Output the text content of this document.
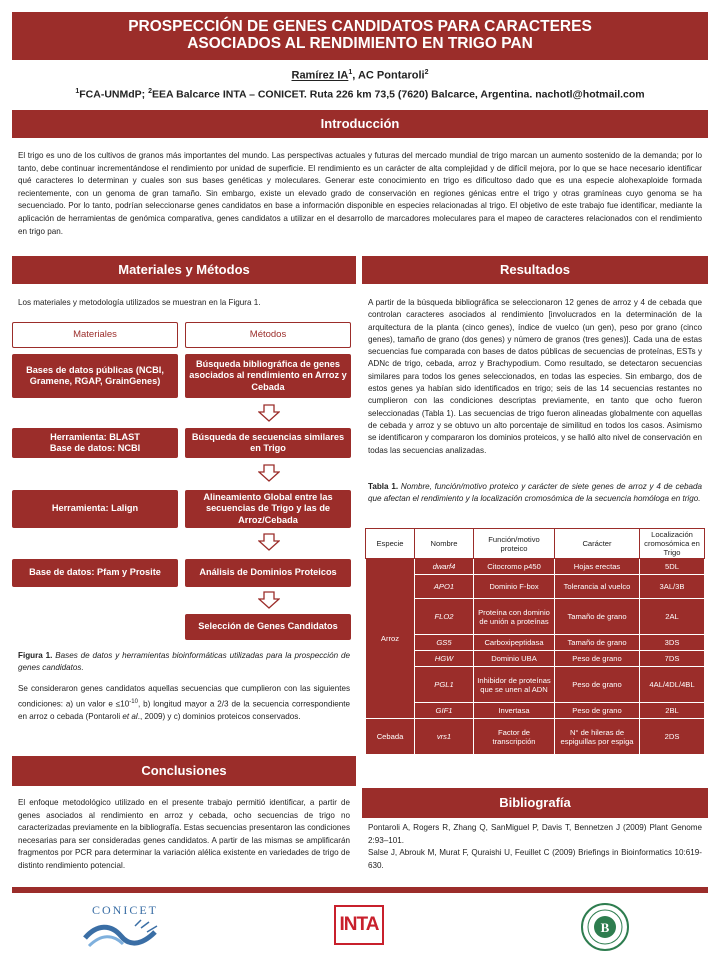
PROSPECCIÓN DE GENES CANDIDATOS PARA CARACTERES
ASOCIADOS AL RENDIMIENTO EN TRIGO PAN
Ramírez $IA^1$, AC Pontaroli$^2$
$^1$FCA-UNMdP; $^2$EEA Balcarce INTA – CONICET. Ruta 226 km 73,5 (7620) Balcarce, Argentina. nachotl@hotmail.com
Introducción
El trigo es uno de los cultivos de granos más importantes del mundo. Las perspectivas actuales y futuras del mercado mundial de trigo marcan un aumento sostenido de la demanda; por lo tanto, debe continuar incrementándose el rendimiento por unidad de superficie. El rendimiento es un carácter de alta complejidad y de difícil mejora, por lo que se hace necesario identificar qué caracteres lo determinan y cuales son sus bases genéticas y moleculares. Generar este conocimiento en trigo es dificultoso dado que es una especie alohexaploide formada recientemente, con un genoma de gran tamaño. Sin embargo, existe un elevado grado de conservación en regiones génicas entre el trigo y otras gramíneas cuyo genoma se ha secuenciado. Por lo tanto, podrían seleccionarse genes candidatos en base a información disponible en especies relacionadas al trigo. El objetivo de este trabajo fue identificar, mediante la aplicación de herramientas de genómica comparativa, genes candidatos a utilizar en el desarrollo de marcadores moleculares para el mapeo de caracteres relacionados con el rendimiento en trigo pan.
Materiales y Métodos
Los materiales y metodología utilizados se muestran en la Figura 1.
Materiales	Métodos
Bases de datos públicas (NCBI, Gramene, RGAP, GrainGenes)
Búsqueda bibliográfica de genes asociados al rendimiento en Arroz y Cebada
Herramienta: BLAST
Base de datos: NCBI
Búsqueda de secuencias similares en Trigo
Herramienta: Lalign
Alineamiento Global entre las secuencias de Trigo y las de Arroz/Cebada
Base de datos: Pfam y Prosite	Análisis de Dominios Proteicos
Selección de Genes Candidatos
Figura 1. Bases de datos y herramientas bioinformáticas utilizadas para la prospección de genes candidatos.
Se consideraron genes candidatos aquellas secuencias que cumplieron con las siguientes condiciones: a) un valor $e \le 10^{-10}$, b) longitud mayor a 2/3 de la secuencia correspondiente en arroz o cebada (Pontaroli et al., 2009) y c) dominios proteicos conservados.
Conclusiones
El enfoque metodológico utilizado en el presente trabajo permitió identificar, a partir de genes asociados al rendimiento en arroz y cebada, ocho secuencias de trigo no caracterizadas previamente en la bibliografía. Estas secuencias presentaron las condiciones necesarias para ser consideradas genes candidatos. A partir de las mismas se amplificarán fragmentos por PCR para determinar la variación alélica existente en variedades de trigo de distinto rendimiento potencial.
Resultados
A partir de la búsqueda bibliográfica se seleccionaron 12 genes de arroz y 4 de cebada que controlan caracteres asociados al rendimiento [involucrados en la determinación de la arquitectura de la planta (cinco genes), índice de vuelco (un gen), peso por grano (cinco genes), tamaño de grano (dos genes) y número de granos (tres genes)]. Cada una de estas secuencias fue comparada con bases de datos públicas de secuencias de proteínas, ESTs y ADNc de trigo, cebada, arroz y Brachypodium. Como resultado, se detectaron secuencias similares para todos los genes seleccionados, en todas las especies. Sin embargo, dos de estos genes ya habían sido identificados en trigo; seis de las 14 secuencias restantes no cumplieron con las condiciones descriptas previamente, en tanto que ocho fueron seleccionadas (Tabla 1). Las secuencias de trigo fueron alineadas globalmente con aquellas de cebada y arroz y se obtuvo un alto porcentaje de similitud en todos los casos. Asimismo se identificaron y compararon los dominios proteicos, y se halló alto nivel de conservación en todas las secuencias analizadas.
Tabla 1. Nombre, función/motivo proteico y carácter de siete genes de arroz y 4 de cebada que afectan el rendimiento y la localización cromosómica de la secuencia homóloga en trigo.
Especie	Nombre	Función/motivo proteico	Carácter	Localización cromosómica en Trigo
Arroz	dwarf4	Citocromo p450	Hojas erectas	5DL
	APO1	Dominio F-box	Tolerancia al vuelco	3AL/3B
	FLO2	Proteína con dominio de unión a proteínas	Tamaño de grano	2AL
	GS5	Carboxipeptidasa	Tamaño de grano	3DS
	HGW	Dominio UBA	Peso de grano	7DS
	PGL1	Inhibidor de proteínas que se unen al ADN	Peso de grano	4AL/4DL/4BL
	GIF1	Invertasa	Peso de grano	2BL
Cebada	vrs1	Factor de transcripción	N° de hileras de espiguillas por espiga	2DS
Bibliografía
Pontaroli A, Rogers R, Zhang Q, SanMiguel P, Davis T, Bennetzen J (2009) Plant Genome 2:93–101.
Salse J, Abrouk M, Murat F, Quraishi U, Feuillet C (2009) Briefings in Bioinformatics 10:619-630.
CONICET
INTA	B
